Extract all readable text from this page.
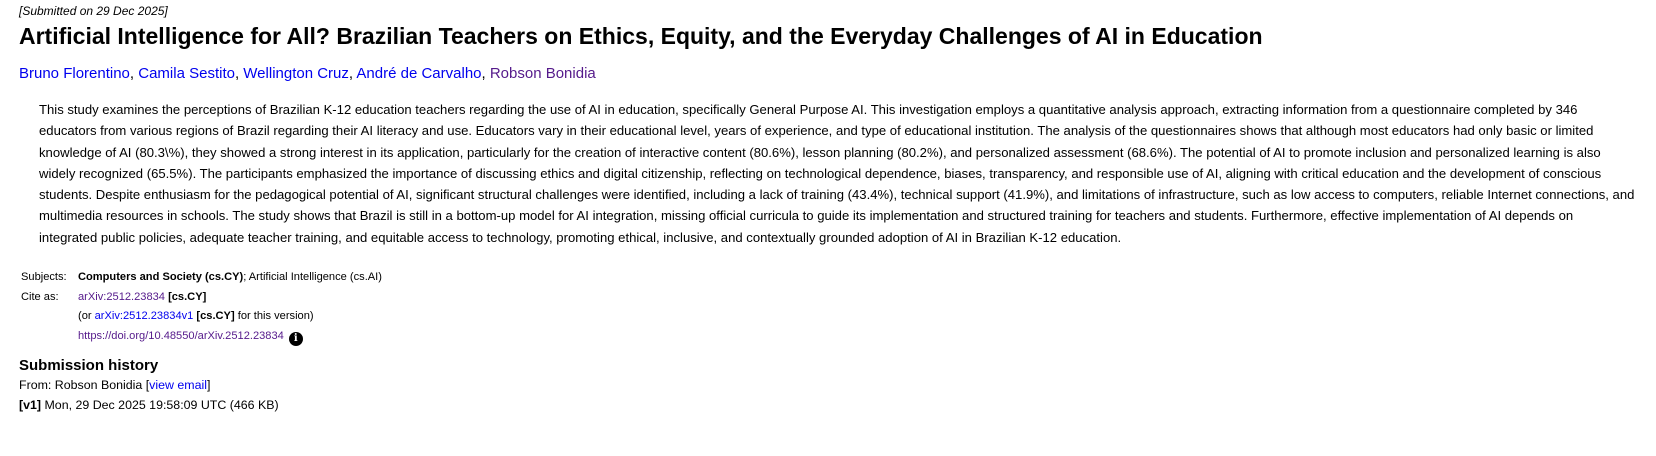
[Submitted on 29 Dec 2025]
Artificial Intelligence for All? Brazilian Teachers on Ethics, Equity, and the Everyday Challenges of AI in Education
Bruno Florentino, Camila Sestito, Wellington Cruz, André de Carvalho, Robson Bonidia
This study examines the perceptions of Brazilian K-12 education teachers regarding the use of AI in education, specifically General Purpose AI. This investigation employs a quantitative analysis approach, extracting information from a questionnaire completed by 346 educators from various regions of Brazil regarding their AI literacy and use. Educators vary in their educational level, years of experience, and type of educational institution. The analysis of the questionnaires shows that although most educators had only basic or limited knowledge of AI (80.3\%), they showed a strong interest in its application, particularly for the creation of interactive content (80.6%), lesson planning (80.2%), and personalized assessment (68.6%). The potential of AI to promote inclusion and personalized learning is also widely recognized (65.5%). The participants emphasized the importance of discussing ethics and digital citizenship, reflecting on technological dependence, biases, transparency, and responsible use of AI, aligning with critical education and the development of conscious students. Despite enthusiasm for the pedagogical potential of AI, significant structural challenges were identified, including a lack of training (43.4%), technical support (41.9%), and limitations of infrastructure, such as low access to computers, reliable Internet connections, and multimedia resources in schools. The study shows that Brazil is still in a bottom-up model for AI integration, missing official curricula to guide its implementation and structured training for teachers and students. Furthermore, effective implementation of AI depends on integrated public policies, adequate teacher training, and equitable access to technology, promoting ethical, inclusive, and contextually grounded adoption of AI in Brazilian K-12 education.
Subjects:	Computers and Society (cs.CY); Artificial Intelligence (cs.AI)
Cite as:	arXiv:2512.23834 [cs.CY]
	(or arXiv:2512.23834v1 [cs.CY] for this version)
	https://doi.org/10.48550/arXiv.2512.23834 i
Submission history
From: Robson Bonidia [view email]
[v1] Mon, 29 Dec 2025 19:58:09 UTC (466 KB)
